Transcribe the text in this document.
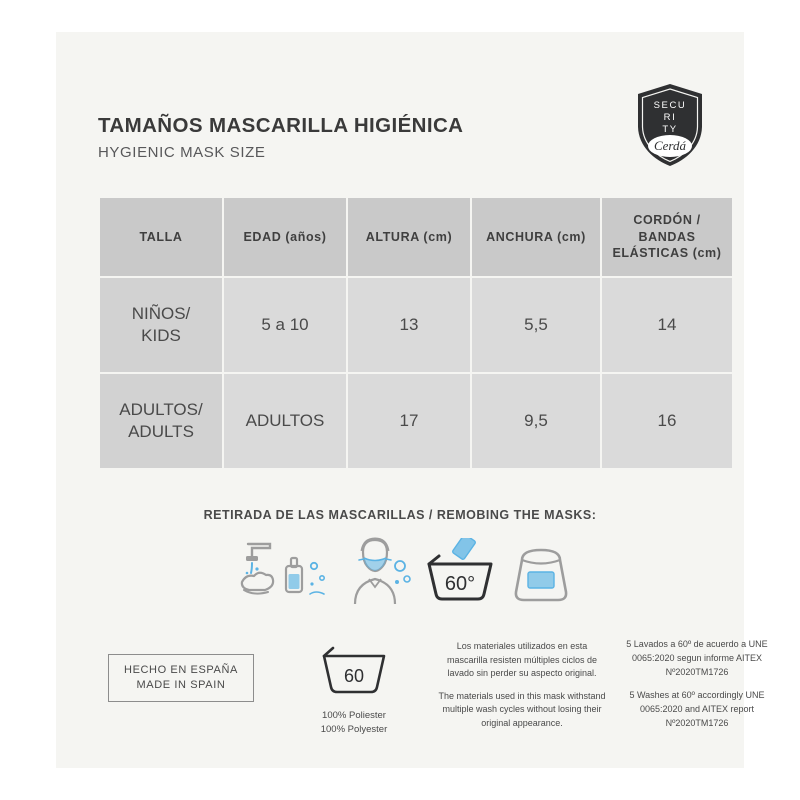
TAMAÑOS MASCARILLA HIGIÉNICA
HYGIENIC MASK SIZE
SECU
RI
TY
Cerdá
TALLA	EDAD (años)	ALTURA (cm)	ANCHURA (cm)	CORDÓN / BANDAS ELÁSTICAS (cm)

NIÑOS/
KIDS	5 a 10	13	5,5	14

ADULTOS/
ADULTS	ADULTOS	17	9,5	16
RETIRADA DE LAS MASCARILLAS / REMOBING THE MASKS:
60°
HECHO EN ESPAÑA
MADE IN SPAIN	60
100% Poliester
100% Polyester

Los materiales utilizados en esta mascarilla resisten múltiples ciclos de lavado sin perder su aspecto original.

The materials used in this mask withstand multiple wash cycles without losing their original appearance.

5 Lavados a 60º de acuerdo a UNE 0065:2020 segun informe AITEX Nº2020TM1726

5 Washes at 60º accordingly UNE 0065:2020 and AITEX report Nº2020TM1726
